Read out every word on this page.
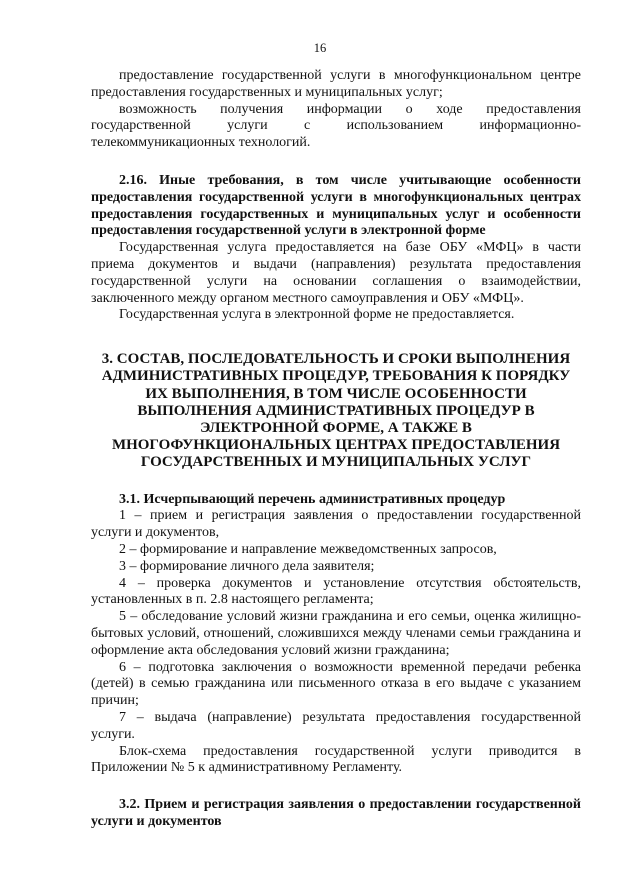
16

предоставление государственной услуги в многофункциональном центре предоставления государственных и муниципальных услуг;

возможность получения информации о ходе предоставления государственной услуги с использованием информационно-телекоммуникационных технологий.

2.16. Иные требования, в том числе учитывающие особенности предоставления государственной услуги в многофункциональных центрах предоставления государственных и муниципальных услуг и особенности предоставления государственной услуги в электронной форме

Государственная услуга предоставляется на базе ОБУ «МФЦ» в части приема документов и выдачи (направления) результата предоставления государственной услуги на основании соглашения о взаимодействии, заключенного между органом местного самоуправления и ОБУ «МФЦ».

Государственная услуга в электронной форме не предоставляется.

3. СОСТАВ, ПОСЛЕДОВАТЕЛЬНОСТЬ И СРОКИ ВЫПОЛНЕНИЯ АДМИНИСТРАТИВНЫХ ПРОЦЕДУР, ТРЕБОВАНИЯ К ПОРЯДКУ ИХ ВЫПОЛНЕНИЯ, В ТОМ ЧИСЛЕ ОСОБЕННОСТИ ВЫПОЛНЕНИЯ АДМИНИСТРАТИВНЫХ ПРОЦЕДУР В ЭЛЕКТРОННОЙ ФОРМЕ, А ТАКЖЕ В МНОГОФУНКЦИОНАЛЬНЫХ ЦЕНТРАХ ПРЕДОСТАВЛЕНИЯ ГОСУДАРСТВЕННЫХ И МУНИЦИПАЛЬНЫХ УСЛУГ

3.1. Исчерпывающий перечень административных процедур

1 – прием и регистрация заявления о предоставлении государственной услуги и документов,

2 – формирование и направление межведомственных запросов,

3 – формирование личного дела заявителя;

4 – проверка документов и установление отсутствия обстоятельств, установленных в п. 2.8 настоящего регламента;

5 – обследование условий жизни гражданина и его семьи, оценка жилищно-бытовых условий, отношений, сложившихся между членами семьи гражданина и оформление акта обследования условий жизни гражданина;

6 – подготовка заключения о возможности временной передачи ребенка (детей) в семью гражданина или письменного отказа в его выдаче с указанием причин;

7 – выдача (направление) результата предоставления государственной услуги.

Блок-схема предоставления государственной услуги приводится в Приложении № 5 к административному Регламенту.

3.2. Прием и регистрация заявления о предоставлении государственной услуги и документов
